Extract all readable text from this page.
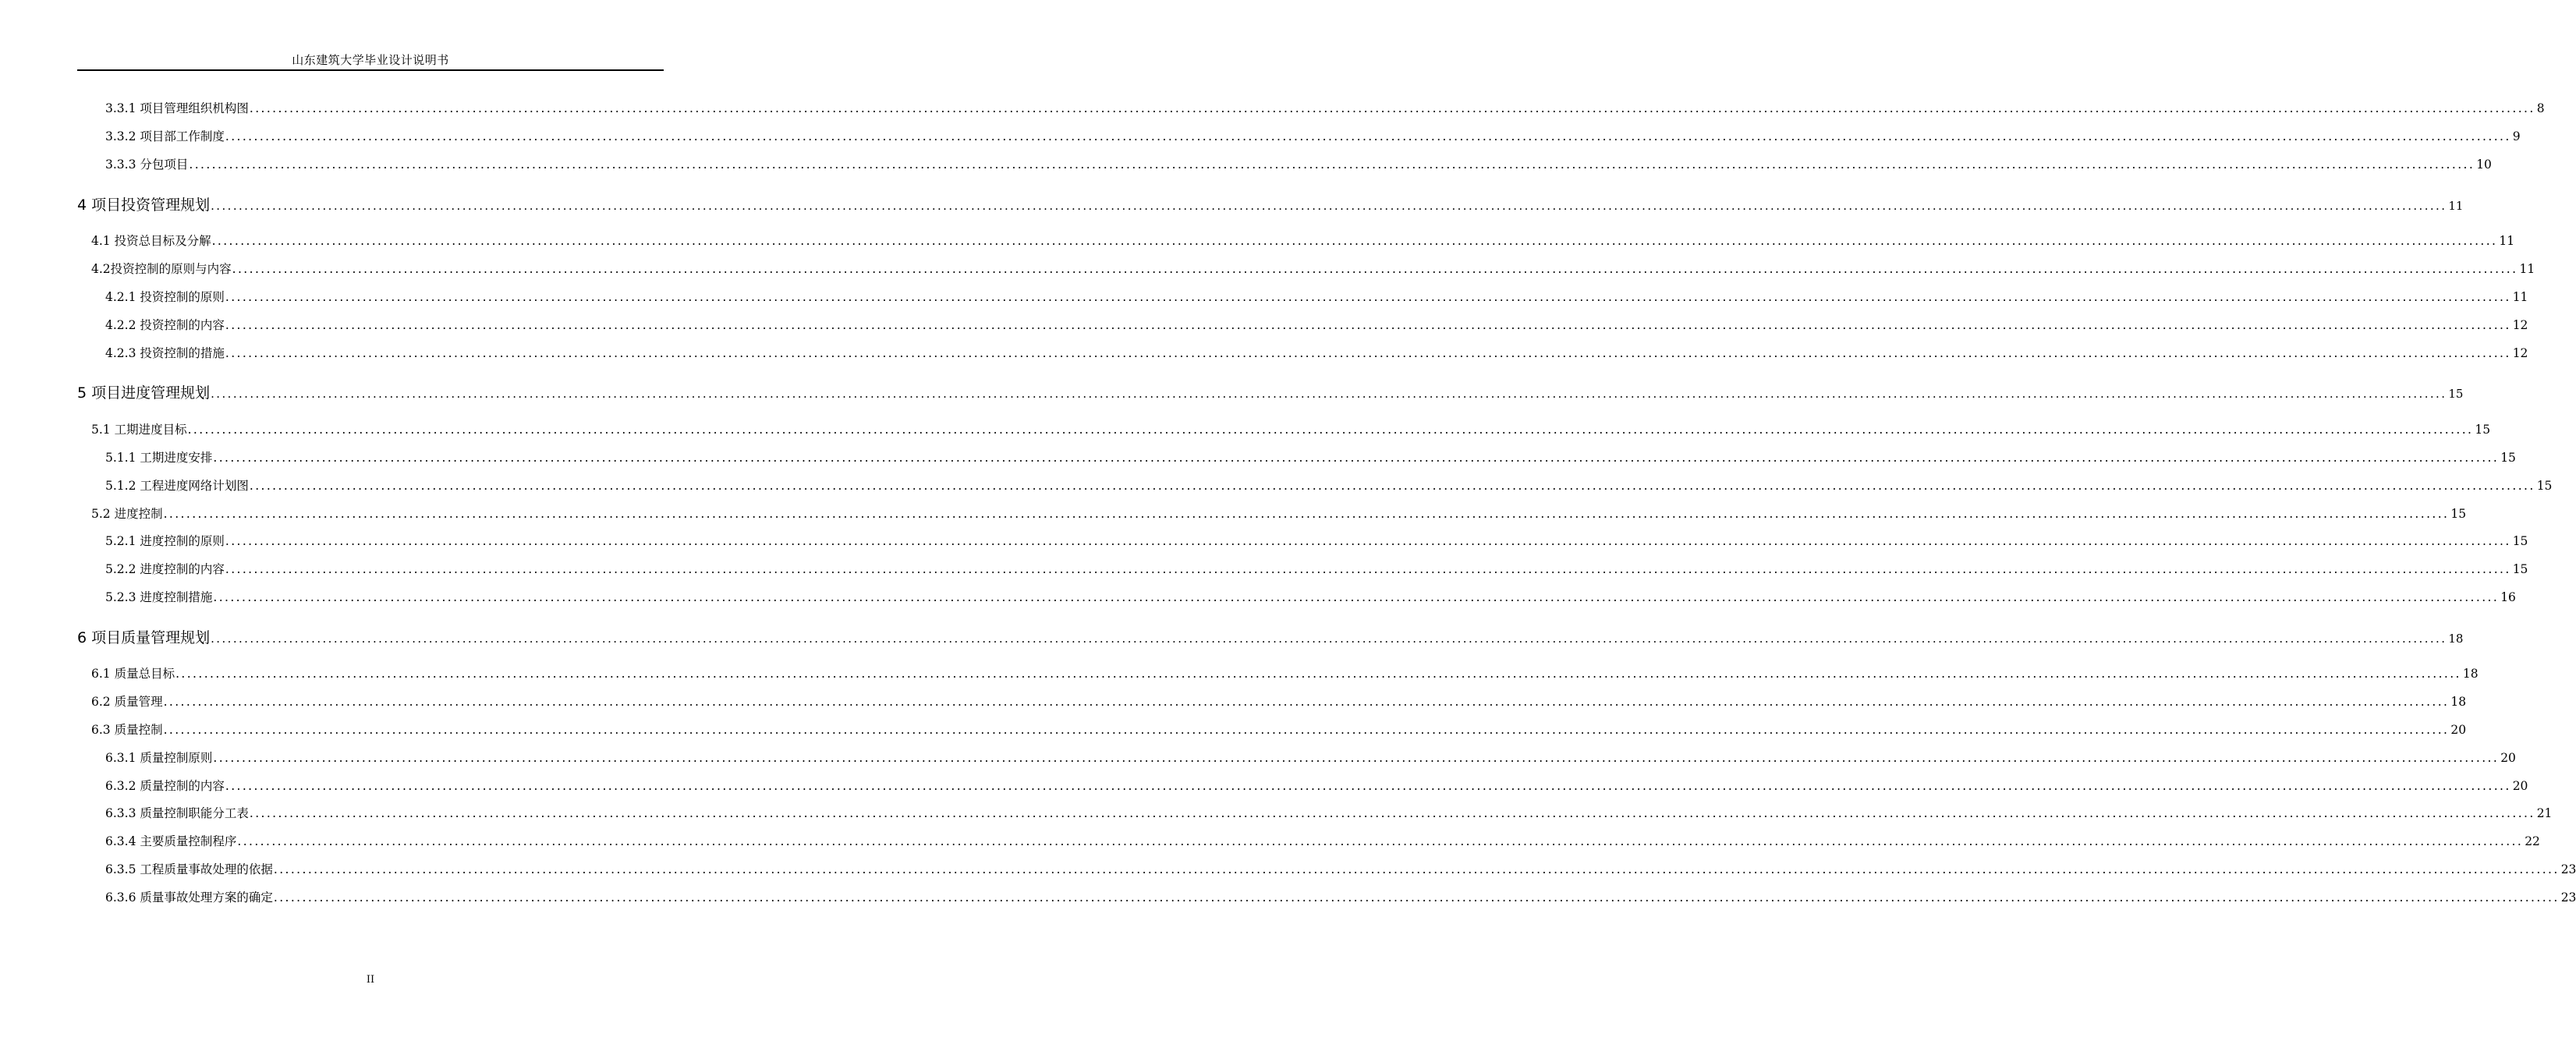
山东建筑大学毕业设计说明书
3.3.1 项目管理组织机构图 ................................................................................................................................................................................................................................................................................................................................................................................................................ 8
3.3.2 项目部工作制度 ................................................................................................................................................................................................................................................................................................................................................................................................................ 9
3.3.3 分包项目 ................................................................................................................................................................................................................................................................................................................................................................................................................ 10
4 项目投资管理规划 ................................................................................................................................................................................................................................................................................................................................................................................................................ 11
4.1 投资总目标及分解 ................................................................................................................................................................................................................................................................................................................................................................................................................ 11
4.2投资控制的原则与内容 ................................................................................................................................................................................................................................................................................................................................................................................................................ 11
4.2.1 投资控制的原则 ................................................................................................................................................................................................................................................................................................................................................................................................................ 11
4.2.2 投资控制的内容 ................................................................................................................................................................................................................................................................................................................................................................................................................ 12
4.2.3 投资控制的措施 ................................................................................................................................................................................................................................................................................................................................................................................................................ 12
5 项目进度管理规划 ................................................................................................................................................................................................................................................................................................................................................................................................................ 15
5.1 工期进度目标 ................................................................................................................................................................................................................................................................................................................................................................................................................ 15
5.1.1 工期进度安排 ................................................................................................................................................................................................................................................................................................................................................................................................................ 15
5.1.2 工程进度网络计划图 ................................................................................................................................................................................................................................................................................................................................................................................................................ 15
5.2 进度控制 ................................................................................................................................................................................................................................................................................................................................................................................................................ 15
5.2.1 进度控制的原则 ................................................................................................................................................................................................................................................................................................................................................................................................................ 15
5.2.2 进度控制的内容 ................................................................................................................................................................................................................................................................................................................................................................................................................ 15
5.2.3 进度控制措施 ................................................................................................................................................................................................................................................................................................................................................................................................................ 16
6 项目质量管理规划 ................................................................................................................................................................................................................................................................................................................................................................................................................ 18
6.1 质量总目标 ................................................................................................................................................................................................................................................................................................................................................................................................................ 18
6.2 质量管理 ................................................................................................................................................................................................................................................................................................................................................................................................................ 18
6.3 质量控制 ................................................................................................................................................................................................................................................................................................................................................................................................................ 20
6.3.1 质量控制原则 ................................................................................................................................................................................................................................................................................................................................................................................................................ 20
6.3.2 质量控制的内容 ................................................................................................................................................................................................................................................................................................................................................................................................................ 20
6.3.3 质量控制职能分工表 ................................................................................................................................................................................................................................................................................................................................................................................................................ 21
6.3.4 主要质量控制程序 ................................................................................................................................................................................................................................................................................................................................................................................................................ 22
6.3.5 工程质量事故处理的依据 ................................................................................................................................................................................................................................................................................................................................................................................................................ 23
6.3.6 质量事故处理方案的确定 ................................................................................................................................................................................................................................................................................................................................................................................................................ 23
II
